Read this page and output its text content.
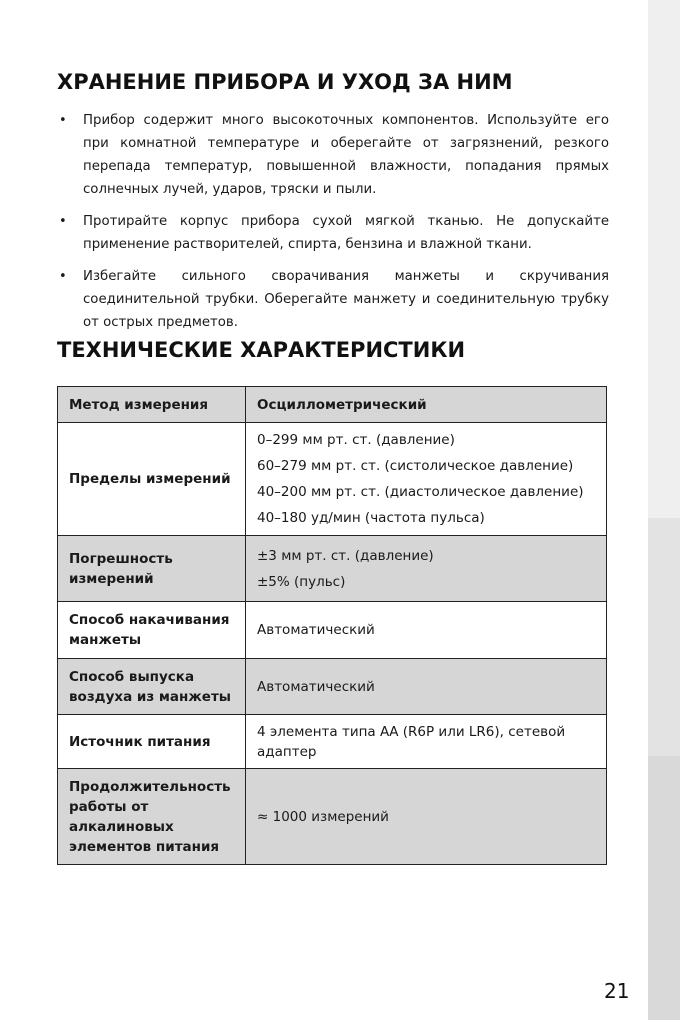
ХРАНЕНИЕ ПРИБОРА И УХОД ЗА НИМ
• Прибор содержит много высокоточных компонентов. Используйте его при комнатной температуре и оберегайте от загрязнений, резкого перепада температур, повышенной влажности, попадания прямых солнечных лучей, ударов, тряски и пыли.
• Протирайте корпус прибора сухой мягкой тканью. Не допускайте применение растворителей, спирта, бензина и влажной ткани.
• Избегайте сильного сворачивания манжеты и скручивания соединительной трубки. Оберегайте манжету и соединительную трубку от острых предметов.
ТЕХНИЧЕСКИЕ ХАРАКТЕРИСТИКИ
Метод измерения	Осциллометрический
Пределы измерений	0–299 мм рт. ст. (давление)
60–279 мм рт. ст. (систолическое давление)
40–200 мм рт. ст. (диастолическое давление)
40–180 уд/мин (частота пульса)

Погрешность измерений	±3 мм рт. ст. (давление)
±5% (пульс)

Способ накачивания манжеты	Автоматический
Способ выпуска воздуха из манжеты	Автоматический
Источник питания	4 элемента типа АА (R6P или LR6), сетевой адаптер

Продолжительность работы от алкалиновых элементов питания	≈ 1000 измерений
21
